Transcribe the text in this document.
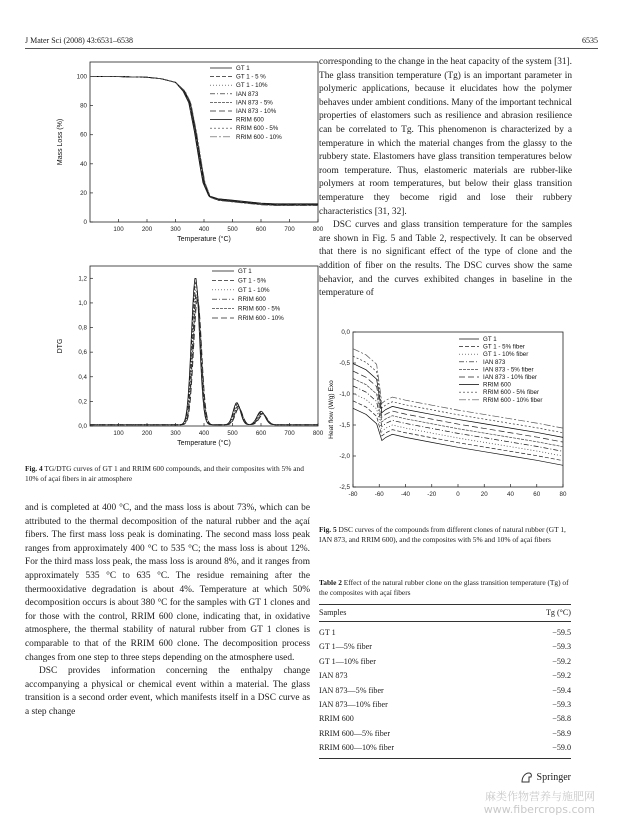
J Mater Sci (2008) 43:6531–6538	6535
100	200	300	400	500	600	700	800
0
20
40
60
80
100
Temperature (°C)
Mass Loss (%)
GT 1
GT 1 - 5 %
GT 1 - 10%
IAN 873
IAN 873 - 5%
IAN 873 - 10%
RRIM 600
RRIM 600 - 5%
RRIM 600 - 10%
100	200	300	400	500	600	700	800
0,0
0,2
0,4
0,6
0,8
1,0
1,2
Temperature (°C)
DTG
GT 1
GT 1 - 5%
GT 1 - 10%
RRIM 600
RRIM 600 - 5%
RRIM 600 - 10%
Fig. 4 TG/DTG curves of GT 1 and RRIM 600 compounds, and their composites with 5% and 10% of açaí fibers in air atmosphere

and is completed at 400 °C, and the mass loss is about 73%, which can be attributed to the thermal decomposition of the natural rubber and the açaí fibers. The first mass loss peak is dominating. The second mass loss peak ranges from approximately 400 °C to 535 °C; the mass loss is about 12%. For the third mass loss peak, the mass loss is around 8%, and it ranges from approximately 535 °C to 635 °C. The residue remaining after the thermooxidative degradation is about 4%. Temperature at which 50% decomposition occurs is about 380 °C for the samples with GT 1 clones and for those with the control, RRIM 600 clone, indicating that, in oxidative atmosphere, the thermal stability of natural rubber from GT 1 clones is comparable to that of the RRIM 600 clone. The decomposition process changes from one step to three steps depending on the atmosphere used.

DSC provides information concerning the enthalpy change accompanying a physical or chemical event within a material. The glass transition is a second order event, which manifests itself in a DSC curve as a step change

corresponding to the change in the heat capacity of the system [31]. The glass transition temperature (Tg) is an important parameter in polymeric applications, because it elucidates how the polymer behaves under ambient conditions. Many of the important technical properties of elastomers such as resilience and abrasion resilience can be correlated to Tg. This phenomenon is characterized by a temperature in which the material changes from the glassy to the rubbery state. Elastomers have glass transition temperatures below room temperature. Thus, elastomeric materials are rubber-like polymers at room temperatures, but below their glass transition temperature they become rigid and lose their rubbery characteristics [31, 32].

DSC curves and glass transition temperature for the samples are shown in Fig. 5 and Table 2, respectively. It can be observed that there is no significant effect of the type of clone and the addition of fiber on the results. The DSC curves show the same behavior, and the curves exhibited changes in baseline in the temperature of

-80	-60	-40	-20	0	20	40	60	80
0,0
-0,5
-1,0
-1,5
-2,0
-2,5
Heat flow (W/g) Exo
GT 1
GT 1 - 5% fiber
GT 1 - 10% fiber
IAN 873
IAN 873 - 5% fiber
IAN 873 - 10% fiber
RRIM 600
RRIM 600 - 5% fiber
RRIM 600 - 10% fiber
Fig. 5 DSC curves of the compounds from different clones of natural rubber (GT 1, IAN 873, and RRIM 600), and the composites with 5% and 10% of açaí fibers
Table 2 Effect of the natural rubber clone on the glass transition temperature (Tg) of the composites with açaí fibers
Samples	Tg (°C)
GT 1	−59.5
GT 1—5% fiber	−59.3
GT 1—10% fiber	−59.2
IAN 873	−59.2
IAN 873—5% fiber	−59.4
IAN 873—10% fiber	−59.3
RRIM 600	−58.8
RRIM 600—5% fiber	−58.9
RRIM 600—10% fiber	−59.0
Springer
麻类作物营养与施肥网
www.fibercrops.com
